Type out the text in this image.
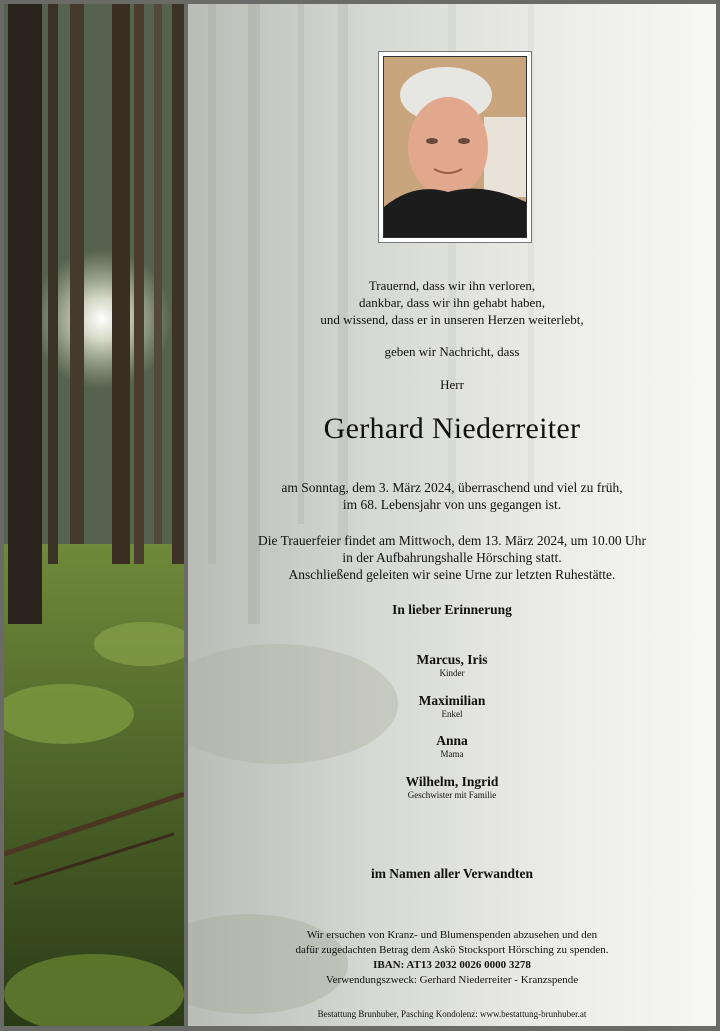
Trauernd, dass wir ihn verloren,
dankbar, dass wir ihn gehabt haben,
und wissend, dass er in unseren Herzen weiterlebt,
geben wir Nachricht, dass
Herr
Gerhard Niederreiter
am Sonntag, dem 3. März 2024, überraschend und viel zu früh,
im 68. Lebensjahr von uns gegangen ist.
Die Trauerfeier findet am Mittwoch, dem 13. März 2024, um 10.00 Uhr
in der Aufbahrungshalle Hörsching statt.
Anschließend geleiten wir seine Urne zur letzten Ruhestätte.
In lieber Erinnerung
Marcus, Iris
Kinder
Maximilian
Enkel
Anna
Mama
Wilhelm, Ingrid
Geschwister mit Familie
im Namen aller Verwandten
Wir ersuchen von Kranz- und Blumenspenden abzusehen und den
dafür zugedachten Betrag dem Askö Stocksport Hörsching zu spenden.
IBAN: AT13 2032 0026 0000 3278
Verwendungszweck: Gerhard Niederreiter - Kranzspende
Bestattung Brunhuber, Pasching Kondolenz: www.bestattung-brunhuber.at
